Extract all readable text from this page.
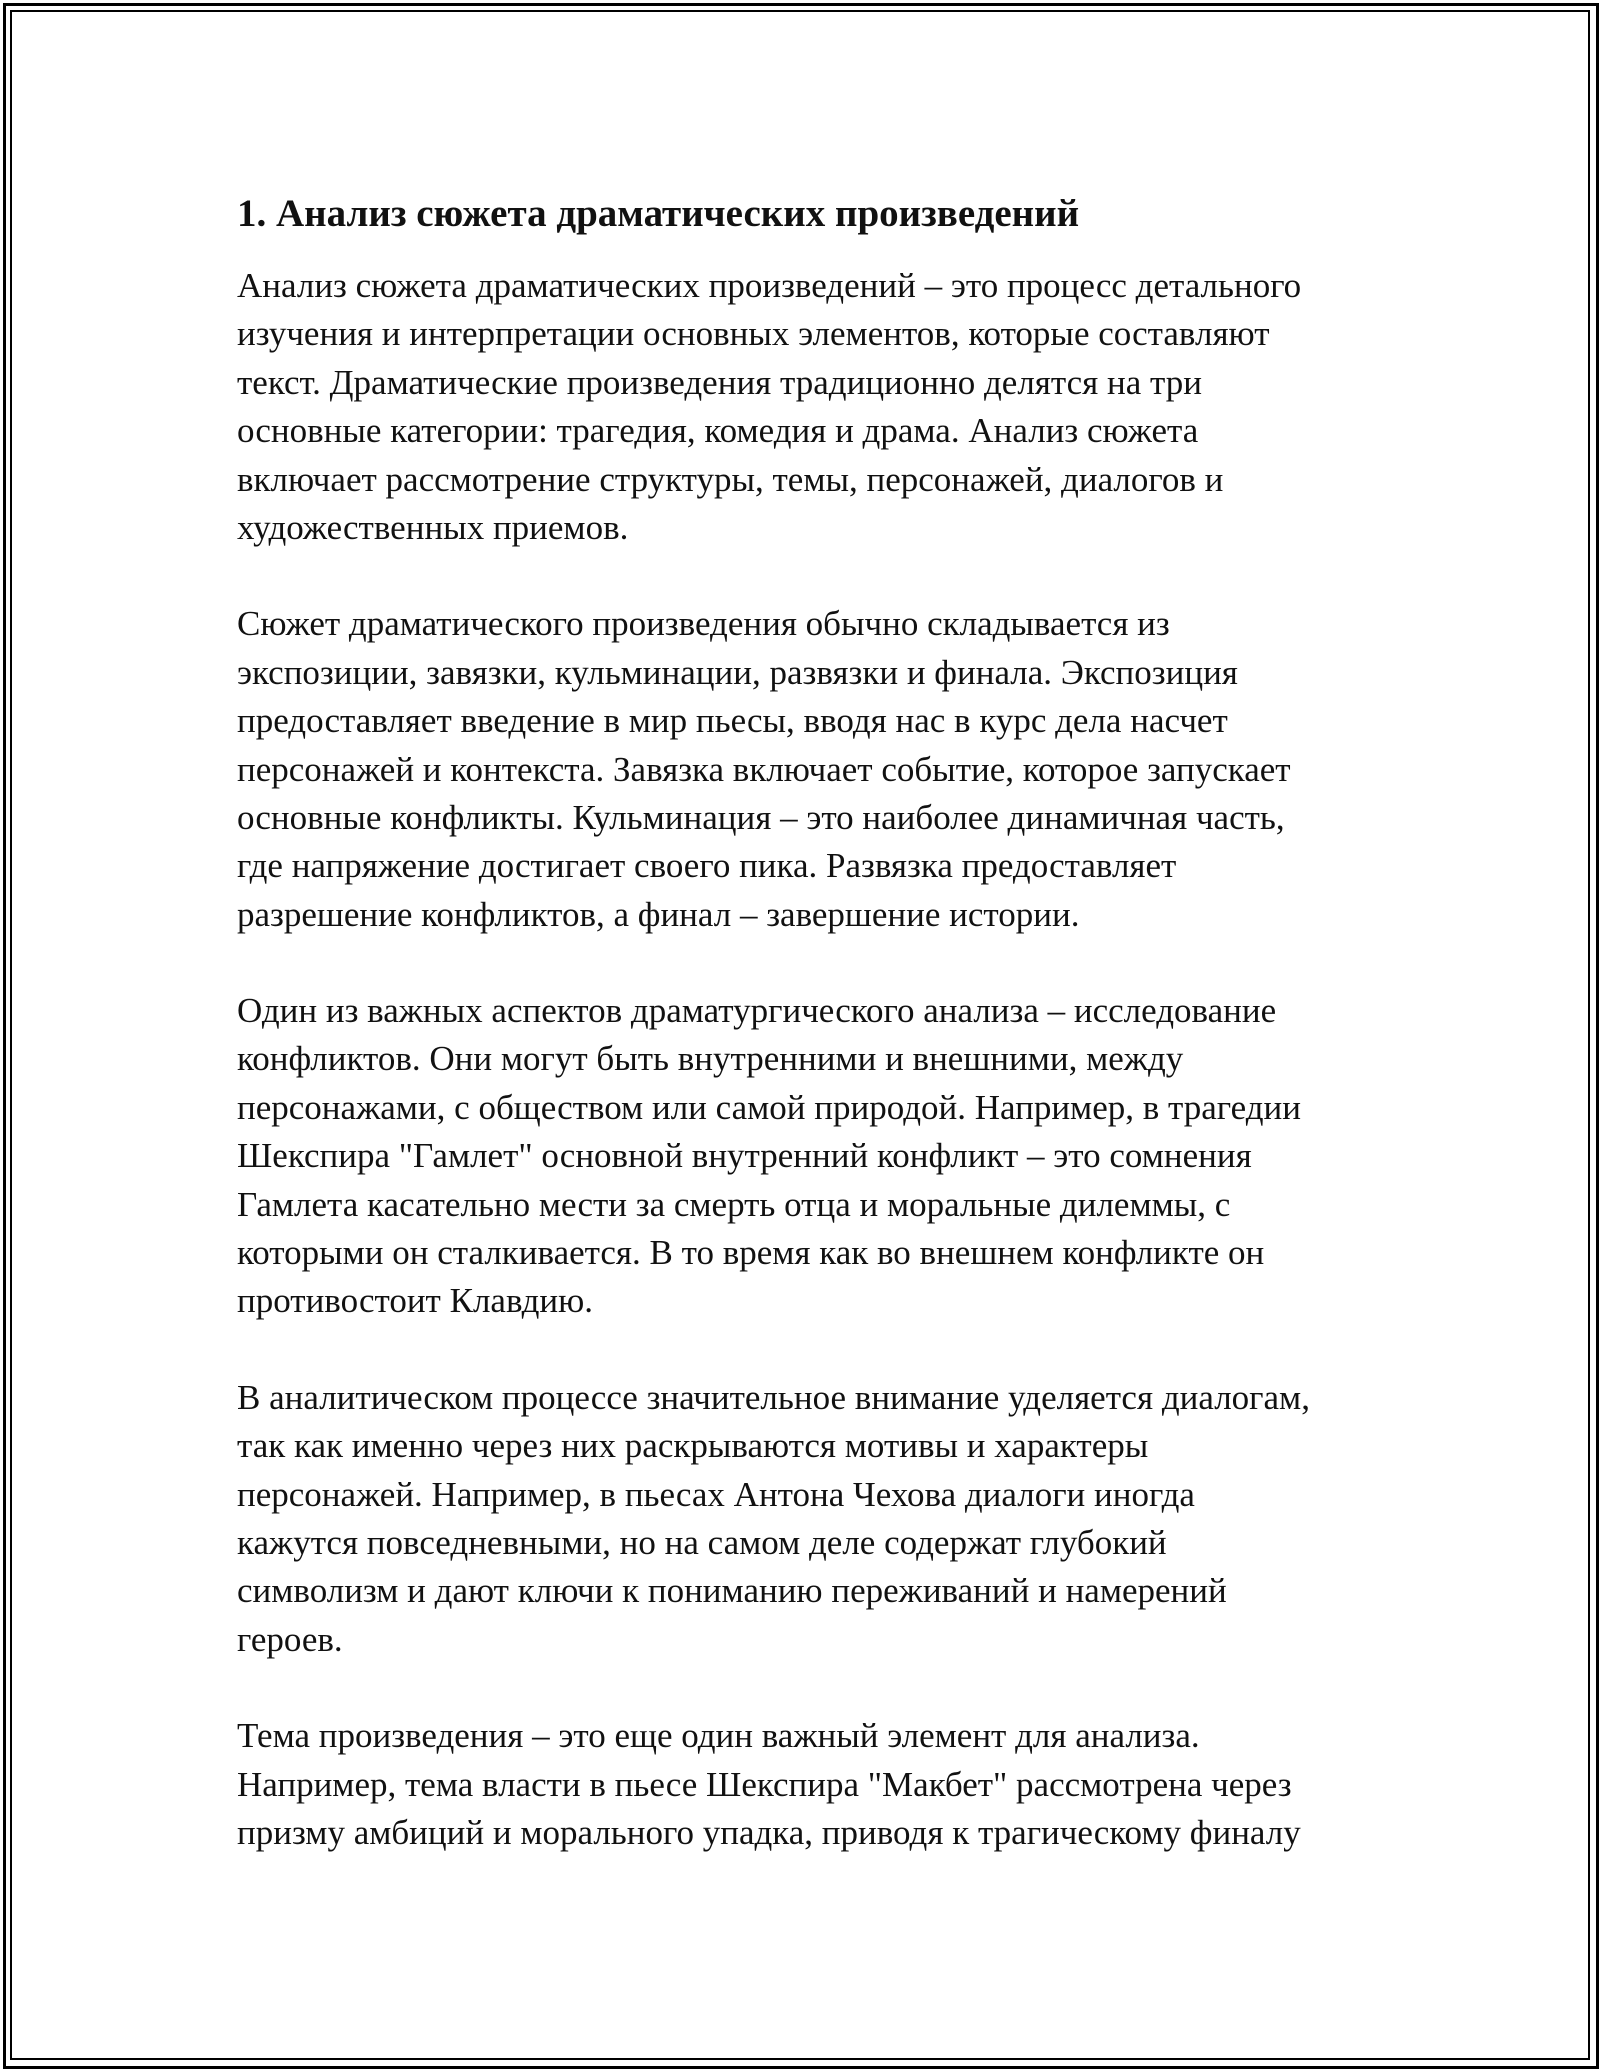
1. Анализ сюжета драматических произведений
Анализ сюжета драматических произведений – это процесс детального
изучения и интерпретации основных элементов, которые составляют
текст. Драматические произведения традиционно делятся на три
основные категории: трагедия, комедия и драма. Анализ сюжета
включает рассмотрение структуры, темы, персонажей, диалогов и
художественных приемов.
Сюжет драматического произведения обычно складывается из
экспозиции, завязки, кульминации, развязки и финала. Экспозиция
предоставляет введение в мир пьесы, вводя нас в курс дела насчет
персонажей и контекста. Завязка включает событие, которое запускает
основные конфликты. Кульминация – это наиболее динамичная часть,
где напряжение достигает своего пика. Развязка предоставляет
разрешение конфликтов, а финал – завершение истории.
Один из важных аспектов драматургического анализа – исследование
конфликтов. Они могут быть внутренними и внешними, между
персонажами, с обществом или самой природой. Например, в трагедии
Шекспира "Гамлет" основной внутренний конфликт – это сомнения
Гамлета касательно мести за смерть отца и моральные дилеммы, с
которыми он сталкивается. В то время как во внешнем конфликте он
противостоит Клавдию.
В аналитическом процессе значительное внимание уделяется диалогам,
так как именно через них раскрываются мотивы и характеры
персонажей. Например, в пьесах Антона Чехова диалоги иногда
кажутся повседневными, но на самом деле содержат глубокий
символизм и дают ключи к пониманию переживаний и намерений
героев.
Тема произведения – это еще один важный элемент для анализа.
Например, тема власти в пьесе Шекспира "Макбет" рассмотрена через
призму амбиций и морального упадка, приводя к трагическому финалу
